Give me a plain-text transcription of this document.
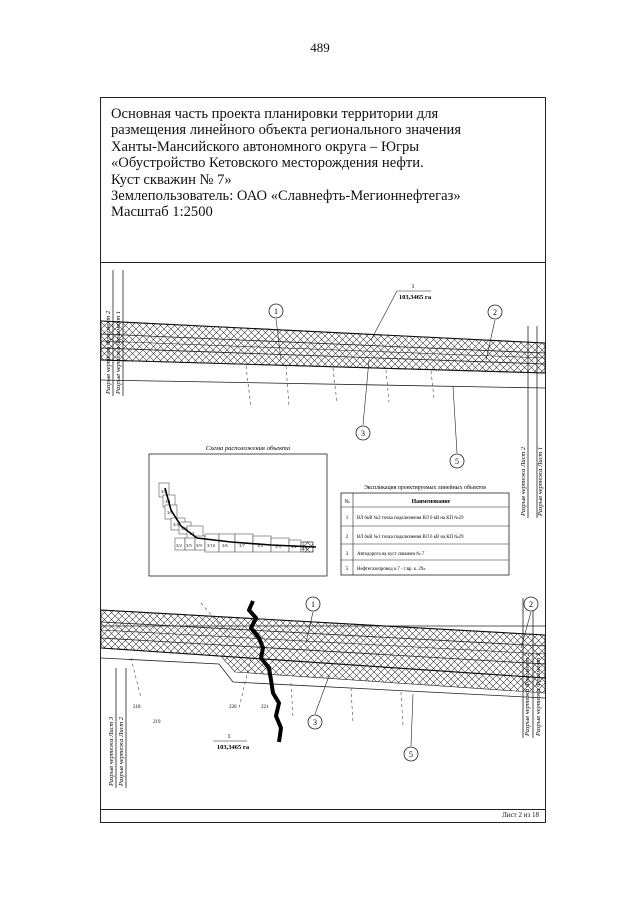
489
Основная часть проекта планировки территории для
размещения линейного объекта регионального значения
Ханты-Мансийского автономного округа – Югры
«Обустройство Кетовского месторождения нефти.
Куст скважин № 7»
Землепользователь: ОАО «Славнефть-Мегионнефтегаз»
Масштаб 1:2500
1
103,3465 га
1	2
3
5
Разрыв чертежа Фрагмент 2 Разрыв чертежа Фрагмент 1
Разрыв чертежа Лист 2 Разрыв чертежа Лист 1
Схема расположения объекта
3/8
3/1
3/6
3/4
3/3
3/1
3/2 3/5 3/9 3/10 3/6 3/7	3/4	3/3 3/2 3/1
Экспликация проектируемых линейных объектов
№	Наименование
1 ВЛ 6кВ №2 точка подключения ВЛ 6 кВ на КП №29
2 ВЛ 6кВ №1 точка подключения ВЛ 6 кВ на КП №29
3 Автодорога на куст скважин № 7
5 Нефтегазопровод к.7 - т.вр. к. 29»
220
219
218	221
1
103,3465 га
1	2
3
5
Разрыв чертежа Лист 3 Разрыв чертежа Лист 2
Разрыв чертежа Фрагмент 2 Разрыв чертежа Фрагмент 1
Лист 2 из 18
